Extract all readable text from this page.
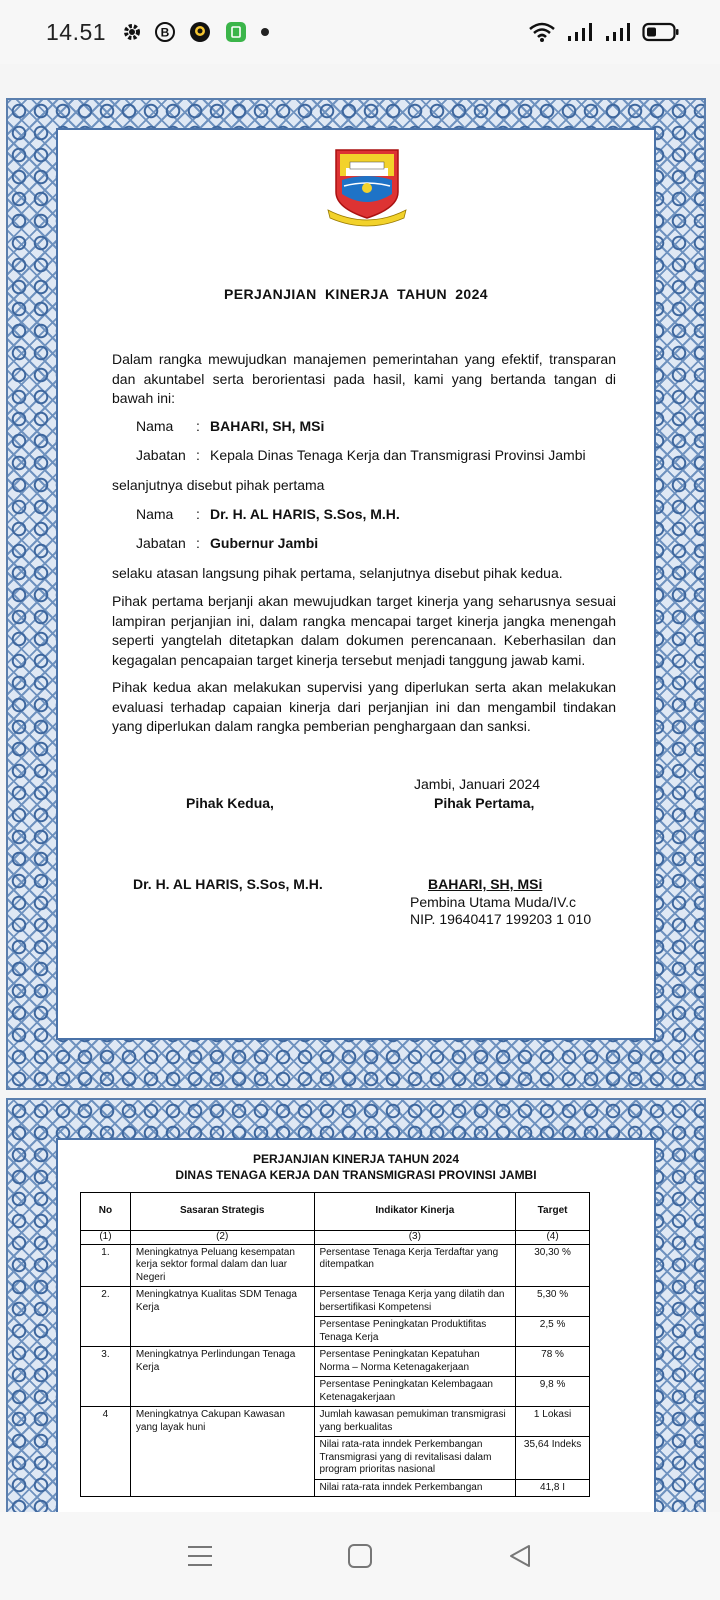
14.51	B
PERJANJIAN KINERJA TAHUN 2024

Dalam rangka mewujudkan manajemen pemerintahan yang efektif, transparan dan akuntabel serta berorientasi pada hasil, kami yang bertanda tangan di bawah ini:

Nama	: BAHARI, SH, MSi
Jabatan : Kepala Dinas Tenaga Kerja dan Transmigrasi Provinsi Jambi

selanjutnya disebut pihak pertama

Nama	: Dr. H. AL HARIS, S.Sos, M.H.
Jabatan : Gubernur Jambi

selaku atasan langsung pihak pertama, selanjutnya disebut pihak kedua.

Pihak pertama berjanji akan mewujudkan target kinerja yang seharusnya sesuai lampiran perjanjian ini, dalam rangka mencapai target kinerja jangka menengah seperti yangtelah ditetapkan dalam dokumen perencanaan. Keberhasilan dan kegagalan pencapaian target kinerja tersebut menjadi tanggung jawab kami.

Pihak kedua akan melakukan supervisi yang diperlukan serta akan melakukan evaluasi terhadap capaian kinerja dari perjanjian ini dan mengambil tindakan yang diperlukan dalam rangka pemberian penghargaan dan sanksi.

Jambi, Januari 2024
Pihak Kedua,	Pihak Pertama,
Dr. H. AL HARIS, S.Sos, M.H.	BAHARI, SH, MSi
Pembina Utama Muda/IV.c
NIP. 19640417 199203 1 010
PERJANJIAN KINERJA TAHUN 2024
DINAS TENAGA KERJA DAN TRANSMIGRASI PROVINSI JAMBI
No	Sasaran Strategis	Indikator Kinerja	Target
(1)	(2)	(3)	(4)
1.	Meningkatnya Peluang kesempatan kerja sektor formal dalam dan luar Negeri	Persentase Tenaga Kerja Terdaftar yang ditempatkan	30,30 %
2.	Meningkatnya Kualitas SDM Tenaga Kerja	Persentase Tenaga Kerja yang dilatih dan bersertifikasi Kompetensi	5,30 %
		Persentase Peningkatan Produktifitas Tenaga Kerja	2,5 %
3.	Meningkatnya Perlindungan Tenaga Kerja	Persentase Peningkatan Kepatuhan Norma – Norma Ketenagakerjaan	78 %
		Persentase Peningkatan Kelembagaan Ketenagakerjaan	9,8 %
4	Meningkatnya Cakupan Kawasan yang layak huni	Jumlah kawasan pemukiman transmigrasi yang berkualitas	1 Lokasi
		Nilai rata-rata inndek Perkembangan Transmigrasi yang di revitalisasi dalam program prioritas nasional	35,64 Indeks
		Nilai rata-rata inndek Perkembangan	41,8 I
